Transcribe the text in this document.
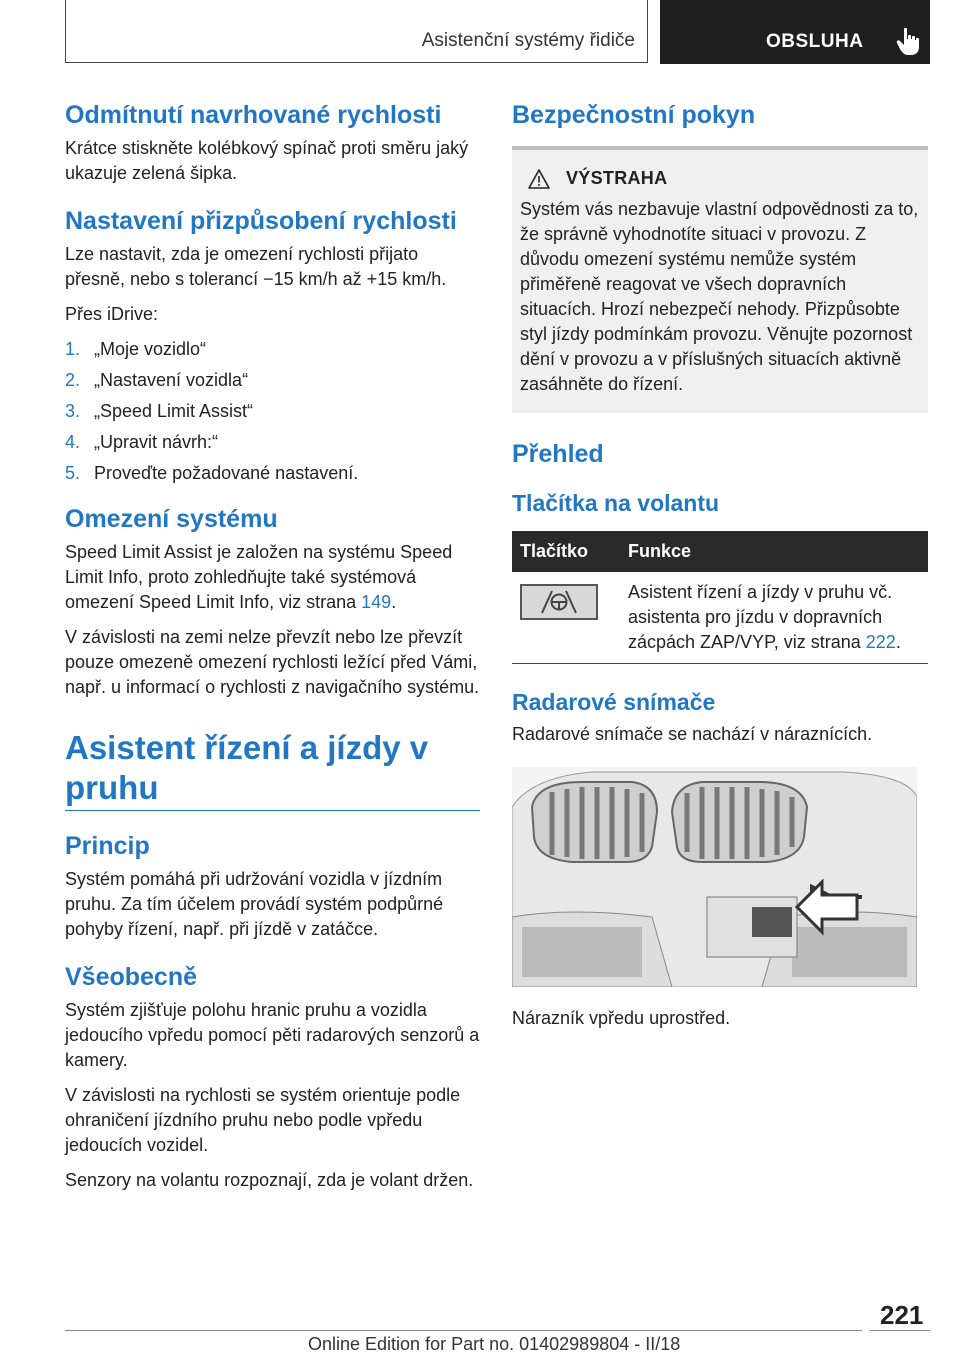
Asistenční systémy řidiče	OBSLUHA
Odmítnutí navrhované rychlosti

Krátce stiskněte kolébkový spínač proti směru jaký ukazuje zelená šipka.

Nastavení přizpůsobení rychlosti

Lze nastavit, zda je omezení rychlosti přijato přesně, nebo s tolerancí −15 km/h až +15 km/h.

Přes iDrive:

1. „Moje vozidlo“
2. „Nastavení vozidla“
3. „Speed Limit Assist“
4. „Upravit návrh:“
5. Proveďte požadované nastavení.
Omezení systému

Speed Limit Assist je založen na systému Speed Limit Info, proto zohledňujte také systémová omezení Speed Limit Info, viz strana 149.

V závislosti na zemi nelze převzít nebo lze převzít pouze omezeně omezení rychlosti ležící před Vámi, např. u informací o rychlosti z navigačního systému.

Asistent řízení a jízdy v pruhu
Princip

Systém pomáhá při udržování vozidla v jízdním pruhu. Za tím účelem provádí systém podpůrné pohyby řízení, např. při jízdě v zatáčce.

Všeobecně

Systém zjišťuje polohu hranic pruhu a vozidla jedoucího vpředu pomocí pěti radarových senzorů a kamery.

V závislosti na rychlosti se systém orientuje podle ohraničení jízdního pruhu nebo podle vpředu jedoucích vozidel.

Senzory na volantu rozpoznají, zda je volant držen.

Bezpečnostní pokyn
VÝSTRAHA

Systém vás nezbavuje vlastní odpovědnosti za to, že správně vyhodnotíte situaci v provozu. Z důvodu omezení systému nemůže systém přiměřeně reagovat ve všech dopravních situacích. Hrozí nebezpečí nehody. Přizpůsobte styl jízdy podmínkám provozu. Věnujte pozornost dění v provozu a v příslušných situacích aktivně zasáhněte do řízení.

Přehled
Tlačítka na volantu
Tlačítko	Funkce

	Asistent řízení a jízdy v pruhu vč. asistenta pro jízdu v dopravních zácpách ZAP/VYP, viz strana 222.
Radarové snímače

Radarové snímače se nachází v náraznících.

Nárazník vpředu uprostřed.

221
Online Edition for Part no. 01402989804 - II/18
